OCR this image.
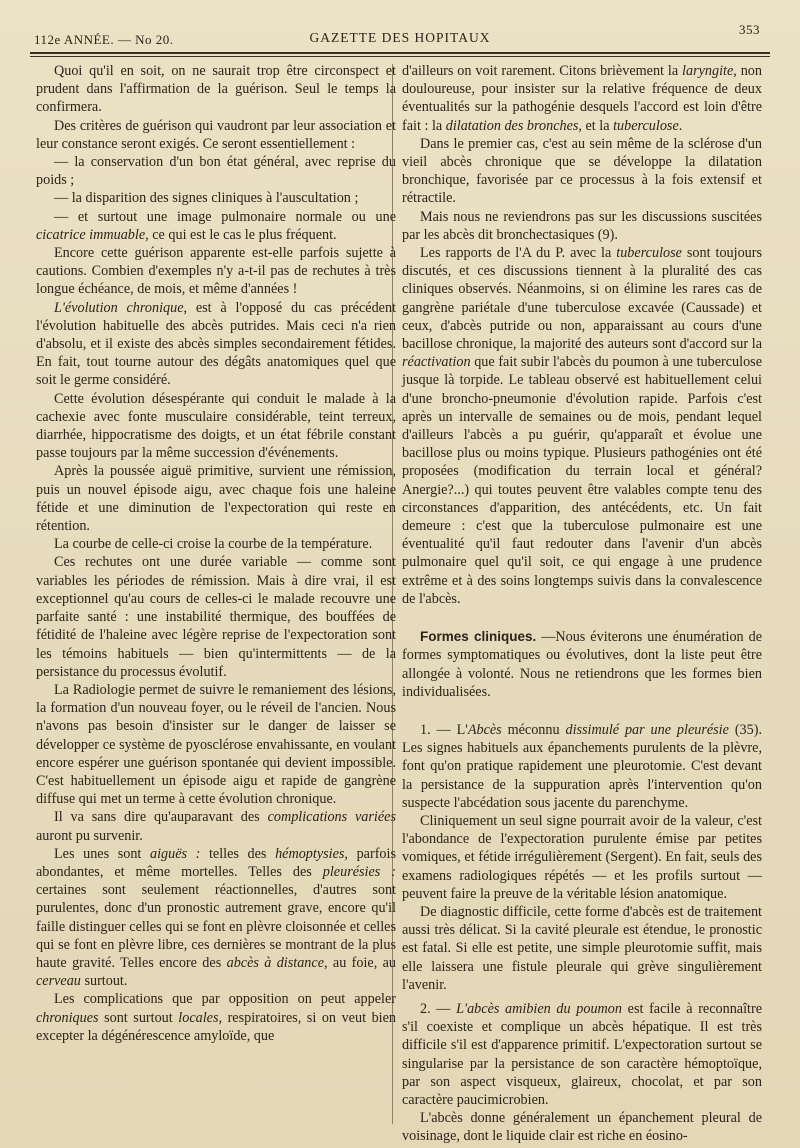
112e ANNÉE. — No 20.	GAZETTE DES HOPITAUX
353

Quoi qu'il en soit, on ne saurait trop être circonspect et prudent dans l'affirmation de la guérison. Seul le temps la confirmera.

Des critères de guérison qui vaudront par leur association et leur constance seront exigés. Ce seront essentiellement :

— la conservation d'un bon état général, avec reprise du poids ;

— la disparition des signes cliniques à l'auscultation ;

— et surtout une image pulmonaire normale ou une cicatrice immuable, ce qui est le cas le plus fréquent.

Encore cette guérison apparente est-elle parfois sujette à cautions. Combien d'exemples n'y a-t-il pas de rechutes à très longue échéance, de mois, et même d'années !

L'évolution chronique, est à l'opposé du cas précédent l'évolution habituelle des abcès putrides. Mais ceci n'a rien d'absolu, et il existe des abcès simples secondairement fétides. En fait, tout tourne autour des dégâts anatomiques quel que soit le germe considéré.

Cette évolution désespérante qui conduit le malade à la cachexie avec fonte musculaire considérable, teint terreux, diarrhée, hippocratisme des doigts, et un état fébrile constant passe toujours par la même succession d'événements.

Après la poussée aiguë primitive, survient une rémission, puis un nouvel épisode aigu, avec chaque fois une haleine fétide et une diminution de l'expectoration qui reste en rétention.

La courbe de celle-ci croise la courbe de la température.

Ces rechutes ont une durée variable — comme sont variables les périodes de rémission. Mais à dire vrai, il est exceptionnel qu'au cours de celles-ci le malade recouvre une parfaite santé : une instabilité thermique, des bouffées de fétidité de l'haleine avec légère reprise de l'expectoration sont les témoins habituels — bien qu'intermittents — de la persistance du processus évolutif.

La Radiologie permet de suivre le remaniement des lésions, la formation d'un nouveau foyer, ou le réveil de l'ancien. Nous n'avons pas besoin d'insister sur le danger de laisser se développer ce système de pyosclérose envahissante, en voulant encore espérer une guérison spontanée qui devient impossible. C'est habituellement un épisode aigu et rapide de gangrène diffuse qui met un terme à cette évolution chronique.

Il va sans dire qu'auparavant des complications variées auront pu survenir.

Les unes sont aiguës : telles des hémoptysies, parfois abondantes, et même mortelles. Telles des pleurésies : certaines sont seulement réactionnelles, d'autres sont purulentes, donc d'un pronostic autrement grave, encore qu'il faille distinguer celles qui se font en plèvre cloisonnée et celles qui se font en plèvre libre, ces dernières se montrant de la plus haute gravité. Telles encore des abcès à distance, au foie, au cerveau surtout.

Les complications que par opposition on peut appeler chroniques sont surtout locales, respiratoires, si on veut bien excepter la dégénérescence amyloïde, que

d'ailleurs on voit rarement. Citons brièvement la laryngite, non douloureuse, pour insister sur la relative fréquence de deux éventualités sur la pathogénie desquels l'accord est loin d'être fait : la dilatation des bronches, et la tuberculose.

Dans le premier cas, c'est au sein même de la sclérose d'un vieil abcès chronique que se développe la dilatation bronchique, favorisée par ce processus à la fois extensif et rétractile.

Mais nous ne reviendrons pas sur les discussions suscitées par les abcès dit bronchectasiques (9).

Les rapports de l'A du P. avec la tuberculose sont toujours discutés, et ces discussions tiennent à la pluralité des cas cliniques observés. Néanmoins, si on élimine les rares cas de gangrène pariétale d'une tuberculose excavée (Caussade) et ceux, d'abcès putride ou non, apparaissant au cours d'une bacillose chronique, la majorité des auteurs sont d'accord sur la réactivation que fait subir l'abcès du poumon à une tuberculose jusque là torpide. Le tableau observé est habituellement celui d'une broncho-pneumonie d'évolution rapide. Parfois c'est après un intervalle de semaines ou de mois, pendant lequel d'ailleurs l'abcès a pu guérir, qu'apparaît et évolue une bacillose plus ou moins typique. Plusieurs pathogénies ont été proposées (modification du terrain local et général? Anergie?...) qui toutes peuvent être valables compte tenu des circonstances d'apparition, des antécédents, etc. Un fait demeure : c'est que la tuberculose pulmonaire est une éventualité qu'il faut redouter dans l'avenir d'un abcès pulmonaire quel qu'il soit, ce qui engage à une prudence extrême et à des soins longtemps suivis dans la convalescence de l'abcès.

Formes cliniques. —Nous éviterons une énumération de formes symptomatiques ou évolutives, dont la liste peut être allongée à volonté. Nous ne retiendrons que les formes bien individualisées.

1. — L'Abcès méconnu dissimulé par une pleurésie (35). Les signes habituels aux épanchements purulents de la plèvre, font qu'on pratique rapidement une pleurotomie. C'est devant la persistance de la suppuration après l'intervention qu'on suspecte l'abcédation sous jacente du parenchyme.

Cliniquement un seul signe pourrait avoir de la valeur, c'est l'abondance de l'expectoration purulente émise par petites vomiques, et fétide irrégulièrement (Sergent). En fait, seuls des examens radiologiques répétés — et les profils surtout — peuvent faire la preuve de la véritable lésion anatomique.

De diagnostic difficile, cette forme d'abcès est de traitement aussi très délicat. Si la cavité pleurale est étendue, le pronostic est fatal. Si elle est petite, une simple pleurotomie suffit, mais elle laissera une fistule pleurale qui grève singulièrement l'avenir.

2. — L'abcès amibien du poumon est facile à reconnaître s'il coexiste et complique un abcès hépatique. Il est très difficile s'il est d'apparence primitif. L'expectoration surtout se singularise par la persistance de son caractère hémoptoïque, par son aspect visqueux, glaireux, chocolat, et par son caractère paucimicrobien.

L'abcès donne généralement un épanchement pleural de voisinage, dont le liquide clair est riche en éosino-
